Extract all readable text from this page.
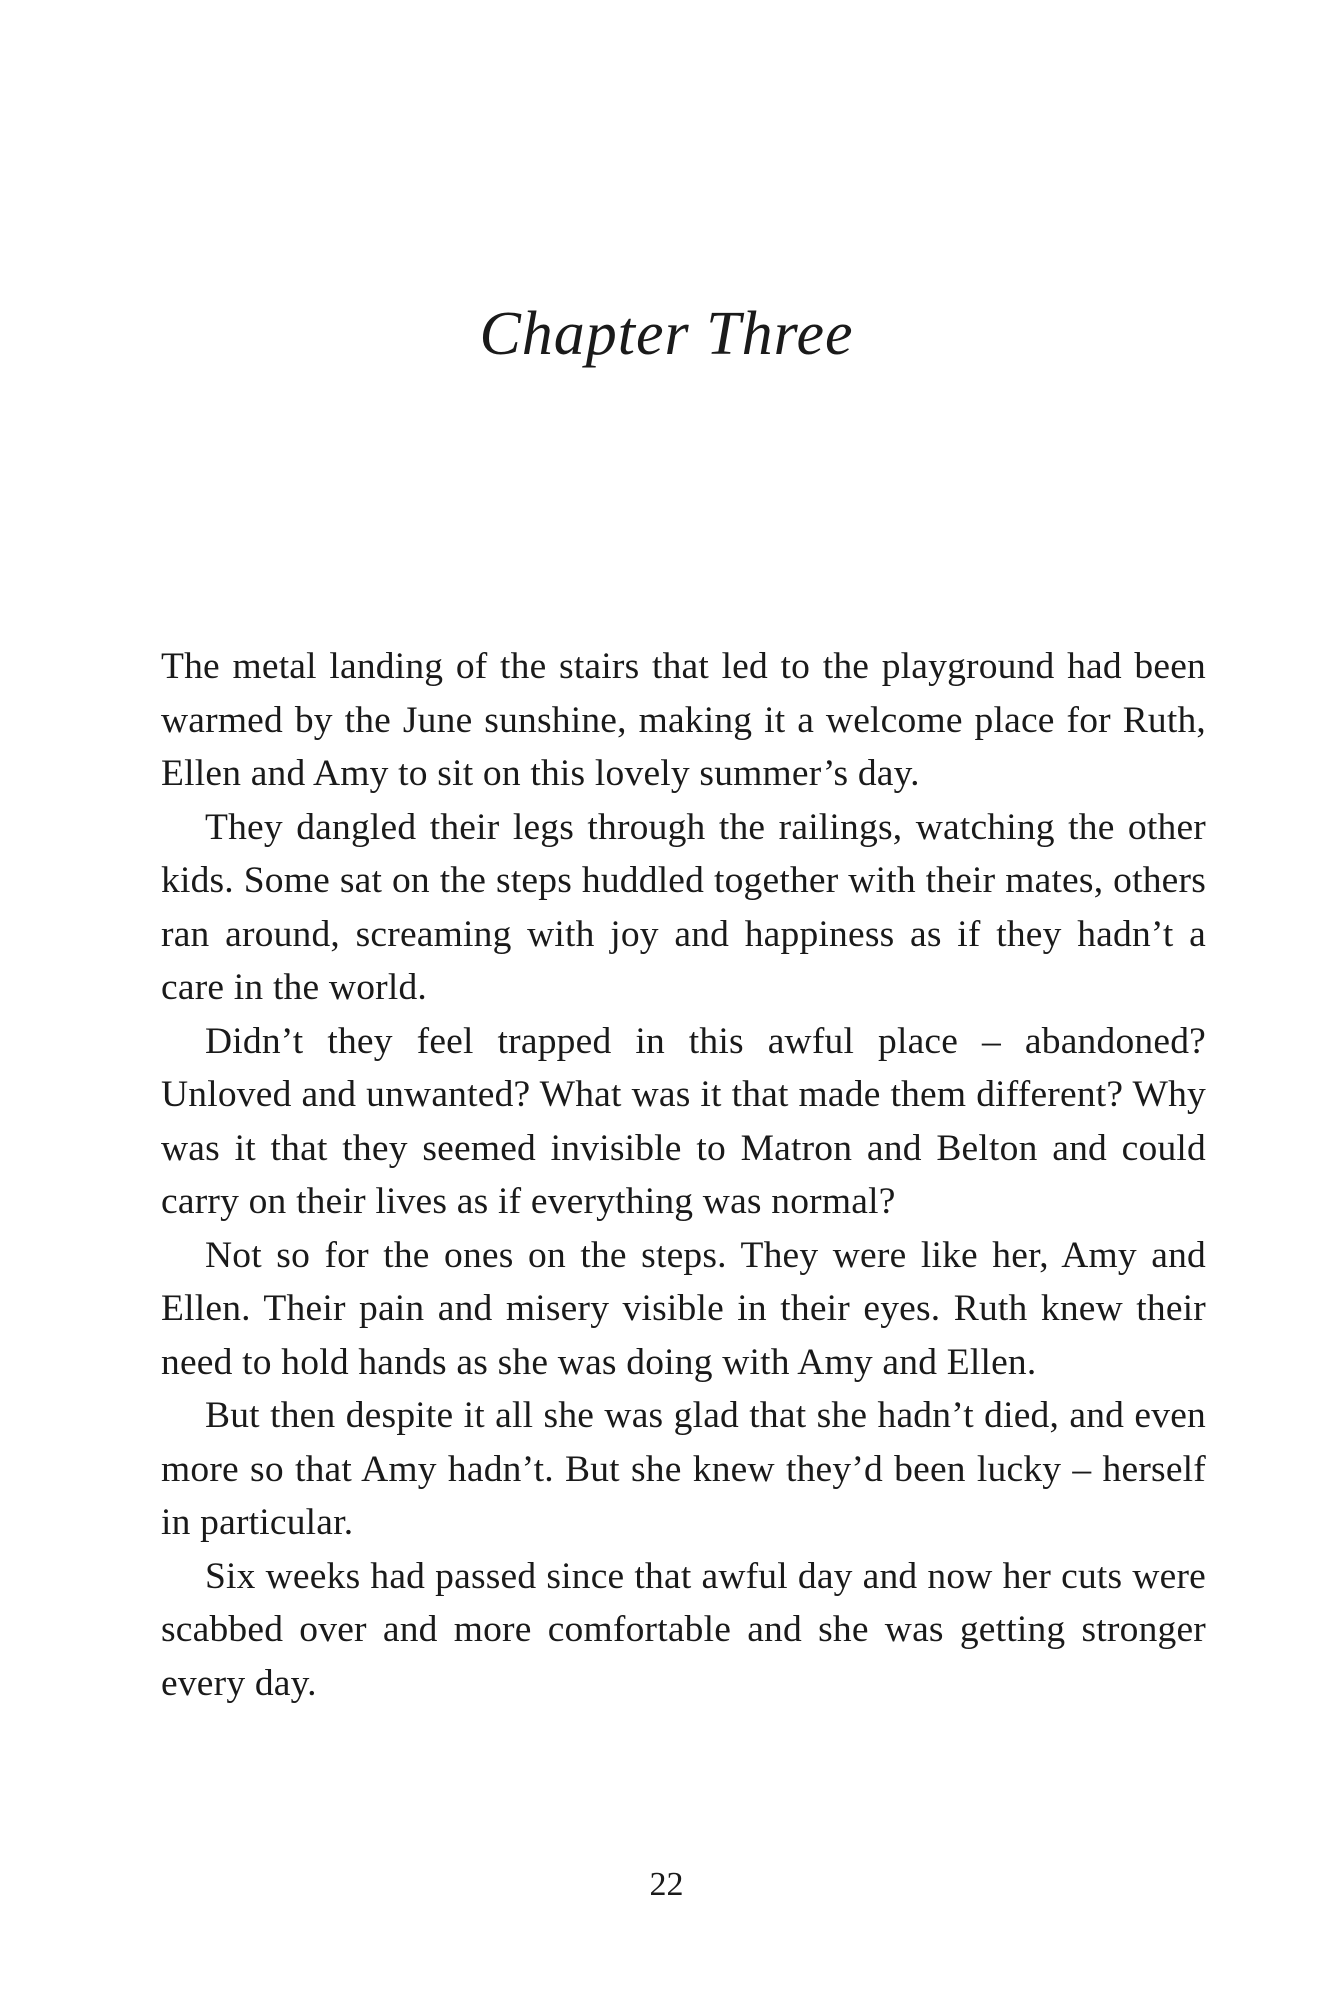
Chapter Three

The metal landing of the stairs that led to the playground had been warmed by the June sunshine, making it a welcome place for Ruth, Ellen and Amy to sit on this lovely summer’s day.

They dangled their legs through the railings, watching the other kids. Some sat on the steps huddled together with their mates, others ran around, screaming with joy and happiness as if they hadn’t a care in the world.

Didn’t they feel trapped in this awful place – abandoned? Unloved and unwanted? What was it that made them different? Why was it that they seemed invisible to Matron and Belton and could carry on their lives as if everything was normal?

Not so for the ones on the steps. They were like her, Amy and Ellen. Their pain and misery visible in their eyes. Ruth knew their need to hold hands as she was doing with Amy and Ellen.

But then despite it all she was glad that she hadn’t died, and even more so that Amy hadn’t. But she knew they’d been lucky – herself in particular.

Six weeks had passed since that awful day and now her cuts were scabbed over and more comfortable and she was getting stronger every day.

22
